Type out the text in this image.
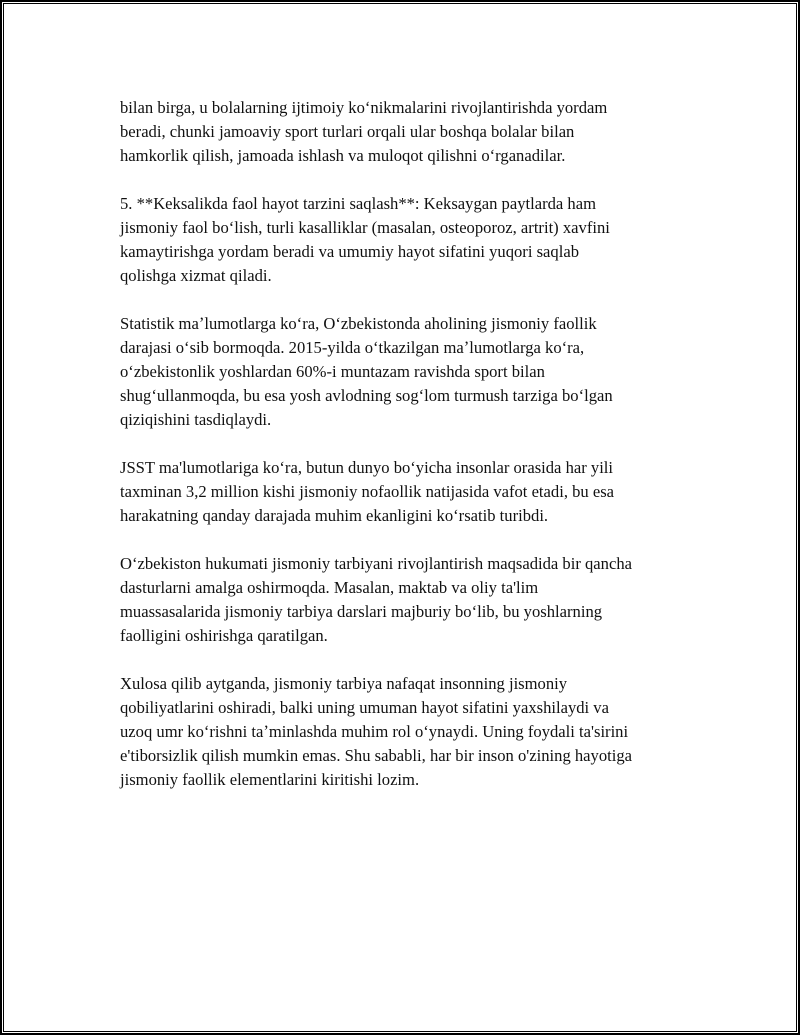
bilan birga, u bolalarning ijtimoiy koʻnikmalarini rivojlantirishda yordam
beradi, chunki jamoaviy sport turlari orqali ular boshqa bolalar bilan
hamkorlik qilish, jamoada ishlash va muloqot qilishni oʻrganadilar.

5. **Keksalikda faol hayot tarzini saqlash**: Keksaygan paytlarda ham
jismoniy faol boʻlish, turli kasalliklar (masalan, osteoporoz, artrit) xavfini
kamaytirishga yordam beradi va umumiy hayot sifatini yuqori saqlab
qolishga xizmat qiladi.

Statistik maʼlumotlarga koʻra, Oʻzbekistonda aholining jismoniy faollik
darajasi oʻsib bormoqda. 2015-yilda oʻtkazilgan maʼlumotlarga koʻra,
oʻzbekistonlik yoshlardan 60%-i muntazam ravishda sport bilan
shugʻullanmoqda, bu esa yosh avlodning sogʻlom turmush tarziga boʻlgan
qiziqishini tasdiqlaydi.

JSST ma'lumotlariga koʻra, butun dunyo boʻyicha insonlar orasida har yili
taxminan 3,2 million kishi jismoniy nofaollik natijasida vafot etadi, bu esa
harakatning qanday darajada muhim ekanligini koʻrsatib turibdi.

Oʻzbekiston hukumati jismoniy tarbiyani rivojlantirish maqsadida bir qancha
dasturlarni amalga oshirmoqda. Masalan, maktab va oliy ta'lim
muassasalarida jismoniy tarbiya darslari majburiy boʻlib, bu yoshlarning
faolligini oshirishga qaratilgan.

Xulosa qilib aytganda, jismoniy tarbiya nafaqat insonning jismoniy
qobiliyatlarini oshiradi, balki uning umuman hayot sifatini yaxshilaydi va
uzoq umr koʻrishni taʼminlashda muhim rol oʻynaydi. Uning foydali ta'sirini
e'tiborsizlik qilish mumkin emas. Shu sababli, har bir inson o'zining hayotiga
jismoniy faollik elementlarini kiritishi lozim.
